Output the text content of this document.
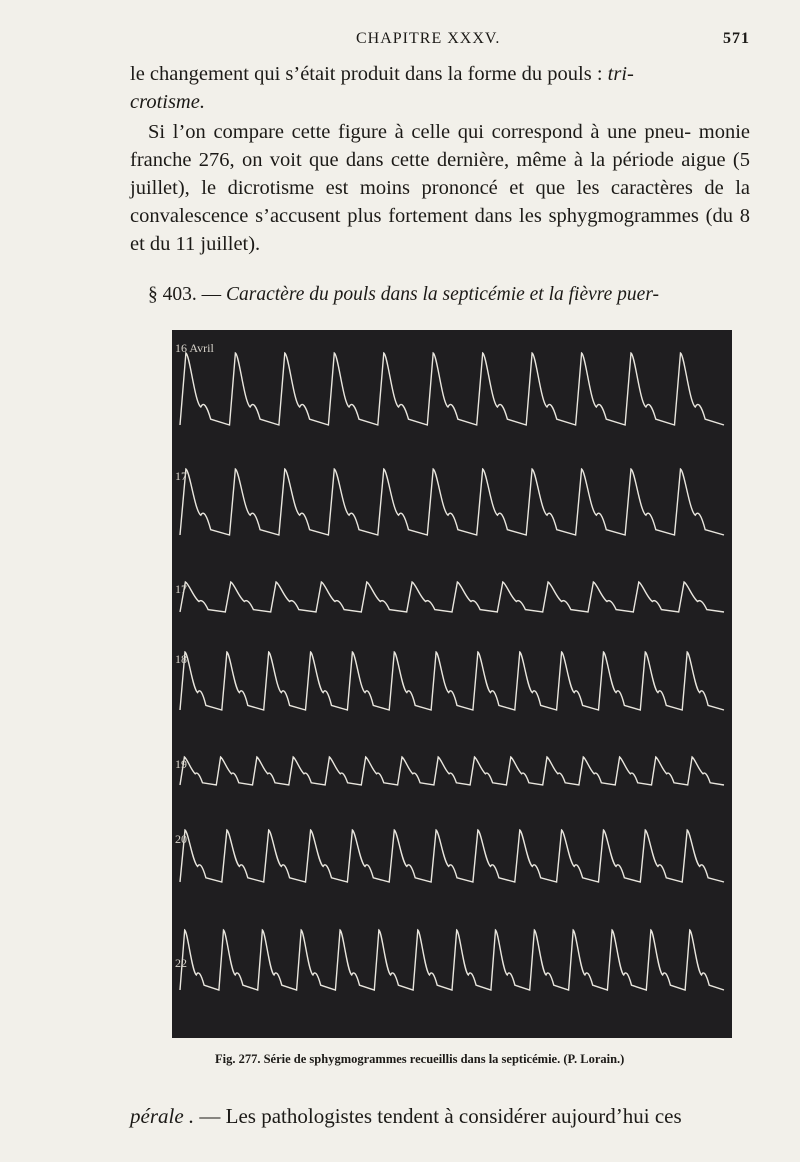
CHAPITRE XXXV.	571

le changement qui s’était produit dans la forme du pouls : tri-
crotisme.

Si l’on compare cette figure à celle qui correspond à une pneu- monie franche 276, on voit que dans cette dernière, même à la période aigue (5 juillet), le dicrotisme est moins prononcé et que les caractères de la convalescence s’accusent plus fortement dans les sphygmogrammes (du 8 et du 11 juillet).

§ 403. — Caractère du pouls dans la septicémie et la fièvre puer-
16 Avril
17
17
18
19
20
22
Fig. 277. Série de sphygmogrammes recueillis dans la septicémie. (P. Lorain.)
pérale . — Les pathologistes tendent à considérer aujourd’hui ces
